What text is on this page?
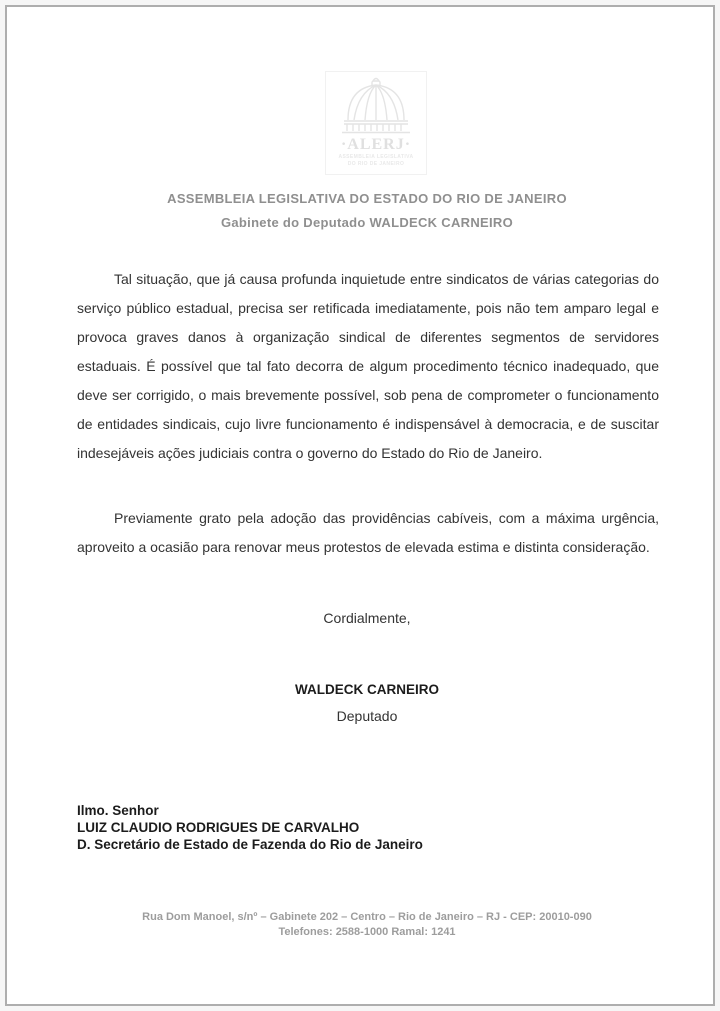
·ALERJ·
ASSEMBLEIA LEGISLATIVA
DO RIO DE JANEIRO
ASSEMBLEIA LEGISLATIVA DO ESTADO DO RIO DE JANEIRO
Gabinete do Deputado WALDECK CARNEIRO

Tal situação, que já causa profunda inquietude entre sindicatos de várias categorias do serviço público estadual, precisa ser retificada imediatamente, pois não tem amparo legal e provoca graves danos à organização sindical de diferentes segmentos de servidores estaduais. É possível que tal fato decorra de algum procedimento técnico inadequado, que deve ser corrigido, o mais brevemente possível, sob pena de comprometer o funcionamento de entidades sindicais, cujo livre funcionamento é indispensável à democracia, e de suscitar indesejáveis ações judiciais contra o governo do Estado do Rio de Janeiro.

Previamente grato pela adoção das providências cabíveis, com a máxima urgência, aproveito a ocasião para renovar meus protestos de elevada estima e distinta consideração.

Cordialmente,
WALDECK CARNEIRO
Deputado
Ilmo. Senhor
LUIZ CLAUDIO RODRIGUES DE CARVALHO
D. Secretário de Estado de Fazenda do Rio de Janeiro
Rua Dom Manoel, s/nº – Gabinete 202 – Centro – Rio de Janeiro – RJ - CEP: 20010-090
Telefones: 2588-1000 Ramal: 1241
